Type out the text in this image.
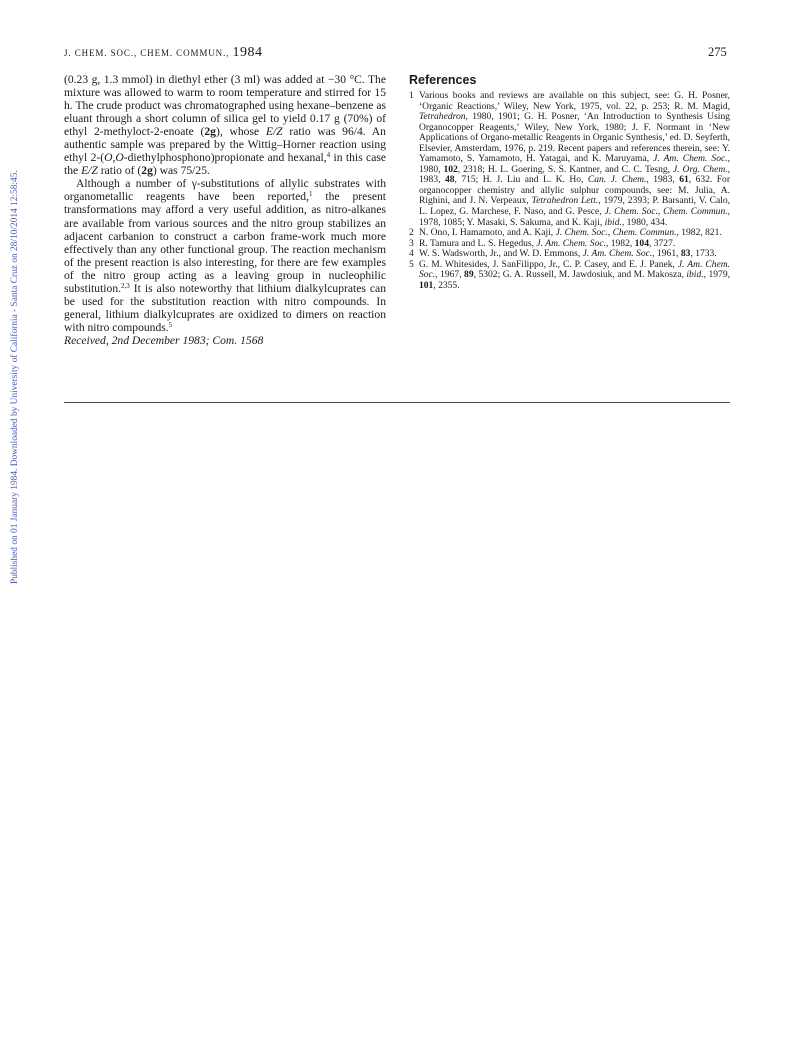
Published on 01 January 1984. Downloaded by University of California - Santa Cruz on 28/10/2014 12:58:45.
J. CHEM. SOC., CHEM. COMMUN., 1984	275

(0.23 g, 1.3 mmol) in diethyl ether (3 ml) was added at −30 °C. The mixture was allowed to warm to room temperature and stirred for 15 h. The crude product was chromatographed using hexane–benzene as eluant through a short column of silica gel to yield 0.17 g (70%) of ethyl 2-methyloct-2-enoate (2g), whose E/Z ratio was 96/4. An authentic sample was prepared by the Wittig–Horner reaction using ethyl 2-(O,O-diethylphosphono)propionate and hexanal,$^4$ in this case the E/Z ratio of (2g) was 75/25.

Although a number of γ-substitutions of allylic substrates with organometallic reagents have been reported,$^1$ the present transformations may afford a very useful addition, as nitro-alkanes are available from various sources and the nitro group stabilizes an adjacent carbanion to construct a carbon frame-work much more effectively than any other functional group. The reaction mechanism of the present reaction is also interesting, for there are few examples of the nitro group acting as a leaving group in nucleophilic substitution.$^{2,3}$ It is also noteworthy that lithium dialkylcuprates can be used for the substitution reaction with nitro compounds. In general, lithium dialkylcuprates are oxidized to dimers on reaction with nitro compounds.$^5$

Received, 2nd December 1983; Com. 1568

References
1 Various books and reviews are available on this subject, see: G. H. Posner, ‘Organic Reactions,’ Wiley, New York, 1975, vol. 22, p. 253; R. M. Magid, Tetrahedron, 1980, 1901; G. H. Posner, ‘An Introduction to Synthesis Using Organocopper Reagents,’ Wiley, New York, 1980; J. F. Normant in ‘New Applications of Organo-metallic Reagents in Organic Synthesis,’ ed. D. Seyferth, Elsevier, Amsterdam, 1976, p. 219. Recent papers and references therein, see: Y. Yamamoto, S. Yamamoto, H. Yatagai, and K. Maruyama, J. Am. Chem. Soc., 1980, 102, 2318; H. L. Goering, S. S. Kantner, and C. C. Tesng, J. Org. Chem., 1983, 48, 715; H. J. Liu and L. K. Ho, Can. J. Chem., 1983, 61, 632. For organocopper chemistry and allylic sulphur compounds, see: M. Julia, A. Righini, and J. N. Verpeaux, Tetrahedron Lett., 1979, 2393; P. Barsanti, V. Calo, L. Lopez, G. Marchese, F. Naso, and G. Pesce, J. Chem. Soc., Chem. Commun., 1978, 1085; Y. Masaki, S. Sakuma, and K. Kaji, ibid., 1980, 434.
2 N. Ono, I. Hamamoto, and A. Kaji, J. Chem. Soc., Chem. Commun., 1982, 821.
3 R. Tamura and L. S. Hegedus, J. Am. Chem. Soc., 1982, 104, 3727.
4 W. S. Wadsworth, Jr., and W. D. Emmons, J. Am. Chem. Soc., 1961, 83, 1733.
5 G. M. Whitesides, J. SanFilippo, Jr., C. P. Casey, and E. J. Panek, J. Am. Chem. Soc., 1967, 89, 5302; G. A. Russell, M. Jawdosiuk, and M. Makosza, ibid., 1979, 101, 2355.
